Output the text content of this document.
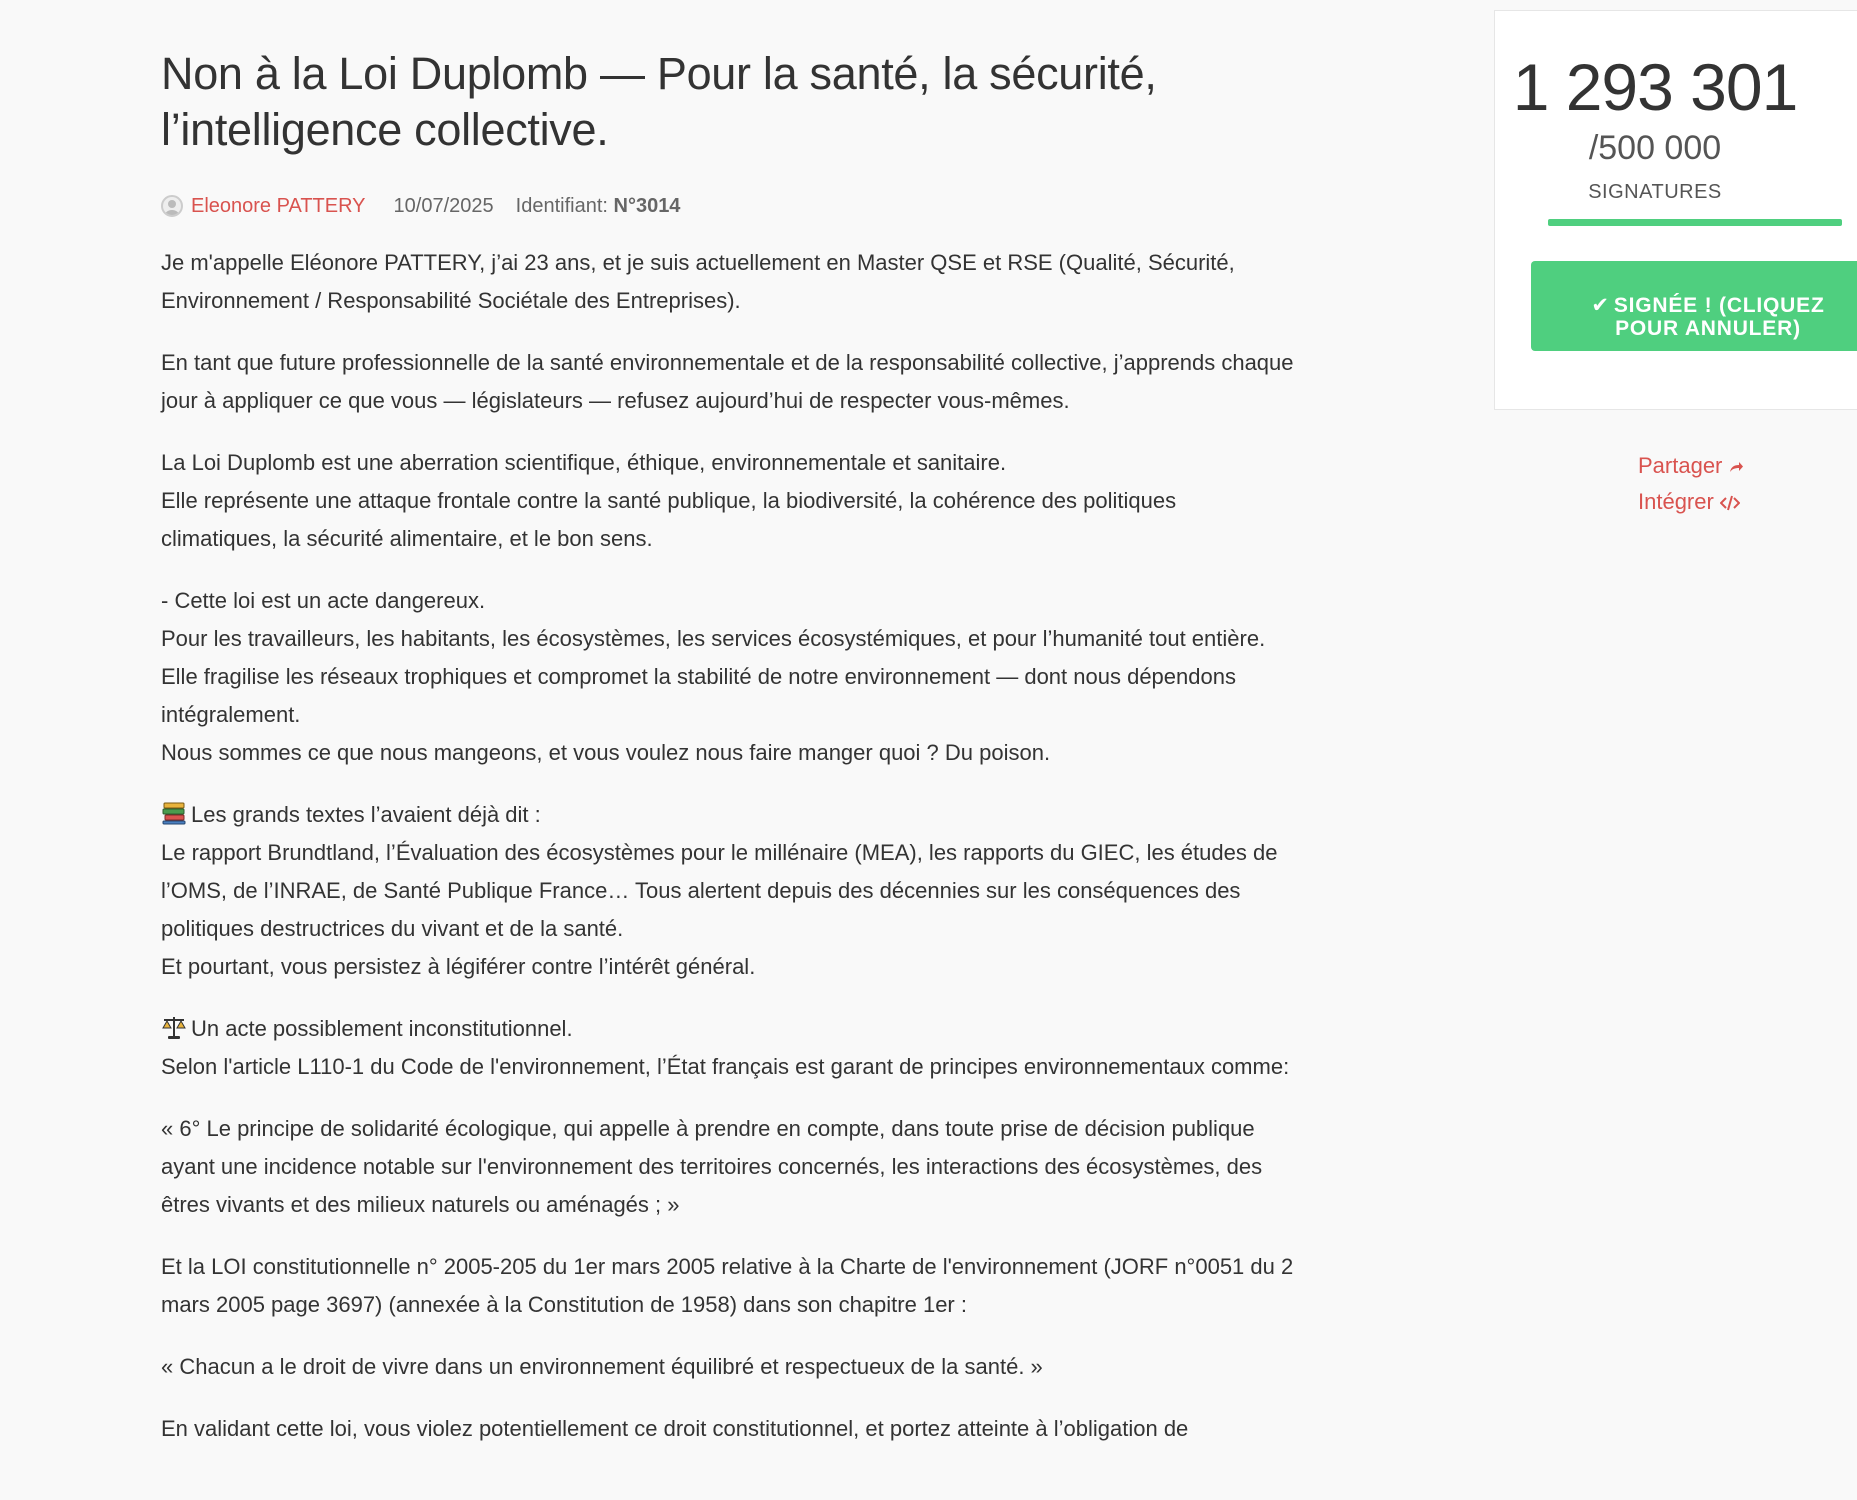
Non à la Loi Duplomb — Pour la santé, la sécurité, l’intelligence collective.
Eleonore PATTERY 10/07/2025 Identifiant: N°3014

Je m'appelle Eléonore PATTERY, j’ai 23 ans, et je suis actuellement en Master QSE et RSE (Qualité, Sécurité, Environnement / Responsabilité Sociétale des Entreprises).

En tant que future professionnelle de la santé environnementale et de la responsabilité collective, j’apprends chaque jour à appliquer ce que vous — législateurs — refusez aujourd’hui de respecter vous-mêmes.

La Loi Duplomb est une aberration scientifique, éthique, environnementale et sanitaire.
Elle représente une attaque frontale contre la santé publique, la biodiversité, la cohérence des politiques climatiques, la sécurité alimentaire, et le bon sens.

- Cette loi est un acte dangereux.
Pour les travailleurs, les habitants, les écosystèmes, les services écosystémiques, et pour l’humanité tout entière.
Elle fragilise les réseaux trophiques et compromet la stabilité de notre environnement — dont nous dépendons intégralement.
Nous sommes ce que nous mangeons, et vous voulez nous faire manger quoi ? Du poison.

Les grands textes l’avaient déjà dit :
Le rapport Brundtland, l’Évaluation des écosystèmes pour le millénaire (MEA), les rapports du GIEC, les études de l’OMS, de l’INRAE, de Santé Publique France… Tous alertent depuis des décennies sur les conséquences des politiques destructrices du vivant et de la santé.
Et pourtant, vous persistez à légiférer contre l’intérêt général.

Un acte possiblement inconstitutionnel.
Selon l'article L110-1 du Code de l'environnement, l’État français est garant de principes environnementaux comme:

« 6° Le principe de solidarité écologique, qui appelle à prendre en compte, dans toute prise de décision publique ayant une incidence notable sur l'environnement des territoires concernés, les interactions des écosystèmes, des êtres vivants et des milieux naturels ou aménagés ; »

Et la LOI constitutionnelle n° 2005-205 du 1er mars 2005 relative à la Charte de l'environnement (JORF n°0051 du 2 mars 2005 page 3697) (annexée à la Constitution de 1958) dans son chapitre 1er :

« Chacun a le droit de vivre dans un environnement équilibré et respectueux de la santé. »

En validant cette loi, vous violez potentiellement ce droit constitutionnel, et portez atteinte à l’obligation de

1 293 301
/500 000
SIGNATURES
✔ SIGNÉE ! (CLIQUEZ POUR ANNULER)
Partager
Intégrer
